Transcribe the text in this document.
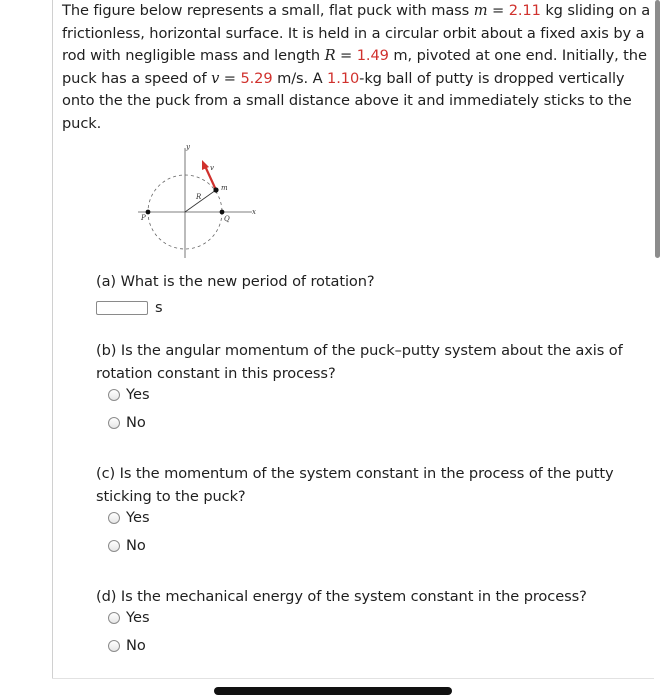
The figure below represents a small, flat puck with mass m = 2.11 kg sliding on a frictionless, horizontal surface. It is held in a circular orbit about a fixed axis by a rod with negligible mass and length R = 1.49 m, pivoted at one end. Initially, the puck has a speed of v = 5.29 m/s. A 1.10-kg ball of putty is dropped vertically onto the the puck from a small distance above it and immediately sticks to the puck.
y
x
v
R
m
P	Q
(a) What is the new period of rotation?
s
(b) Is the angular momentum of the puck–putty system about the axis of rotation constant in this process?
Yes
No
(c) Is the momentum of the system constant in the process of the putty sticking to the puck?
Yes
No
(d) Is the mechanical energy of the system constant in the process?
Yes
No
